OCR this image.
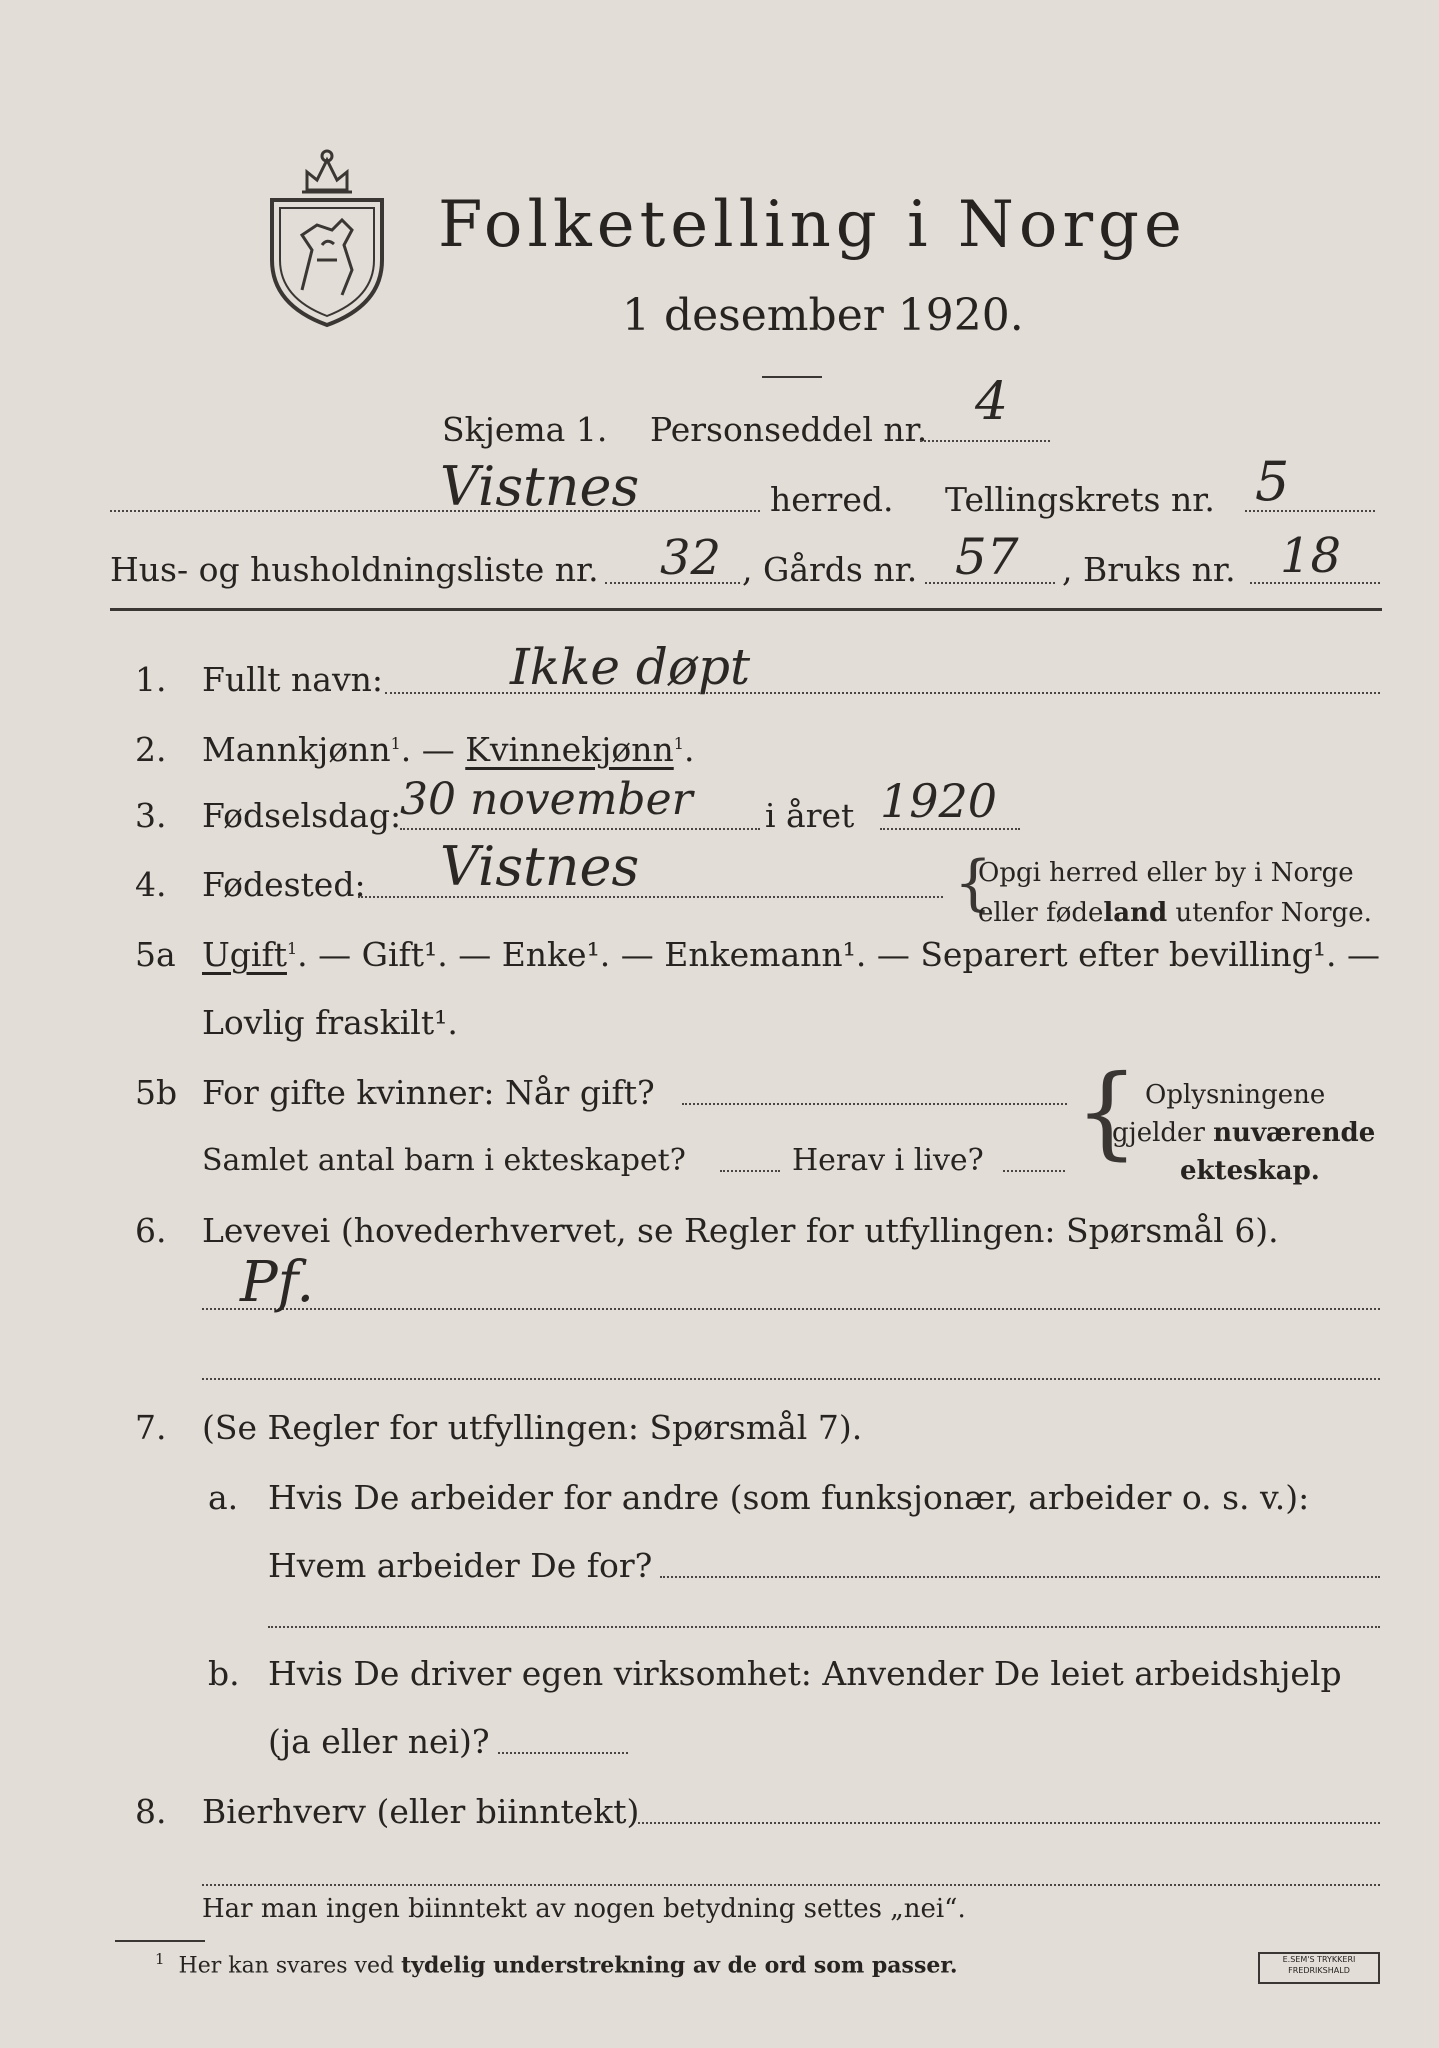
Folketelling i Norge
1 desember 1920.
Skjema 1. Personseddel nr. 4
Vistnes	herred. Tellingskrets nr. 5
Hus- og husholdningsliste nr. 32 , Gårds nr. 57 , Bruks nr. 18
1. Fullt navn:	Ikke døpt
2. Mannkjønn$^1$. — Kvinnekjønn$^1$.
3. Fødselsdag:
30 november i året 1920
4. Fødested: Vistnes	{
Opgi herred eller by i Norge
eller fødeland utenfor Norge.
5a Ugift$^1$. — Gift¹. — Enke¹. — Enkemann¹. — Separert efter bevilling¹. —
Lovlig fraskilt¹.
5b For gifte kvinner: Når gift?
Samlet antal barn i ekteskapet?	Herav i live? { Oplysningene
gjelder nuværende
ekteskap.
6. Levevei (hovederhvervet, se Regler for utfyllingen: Spørsmål 6).
Pf.
7. (Se Regler for utfyllingen: Spørsmål 7).
a. Hvis De arbeider for andre (som funksjonær, arbeider o. s. v.):
Hvem arbeider De for?
b. Hvis De driver egen virksomhet: Anvender De leiet arbeidshjelp
(ja eller nei)?
8. Bierhverv (eller biinntekt)
Har man ingen biinntekt av nogen betydning settes „nei“.
$^1$ Her kan svares ved tydelig understrekning av de ord som passer.	E.SEM'S TRYKKERI
FREDRIKSHALD
